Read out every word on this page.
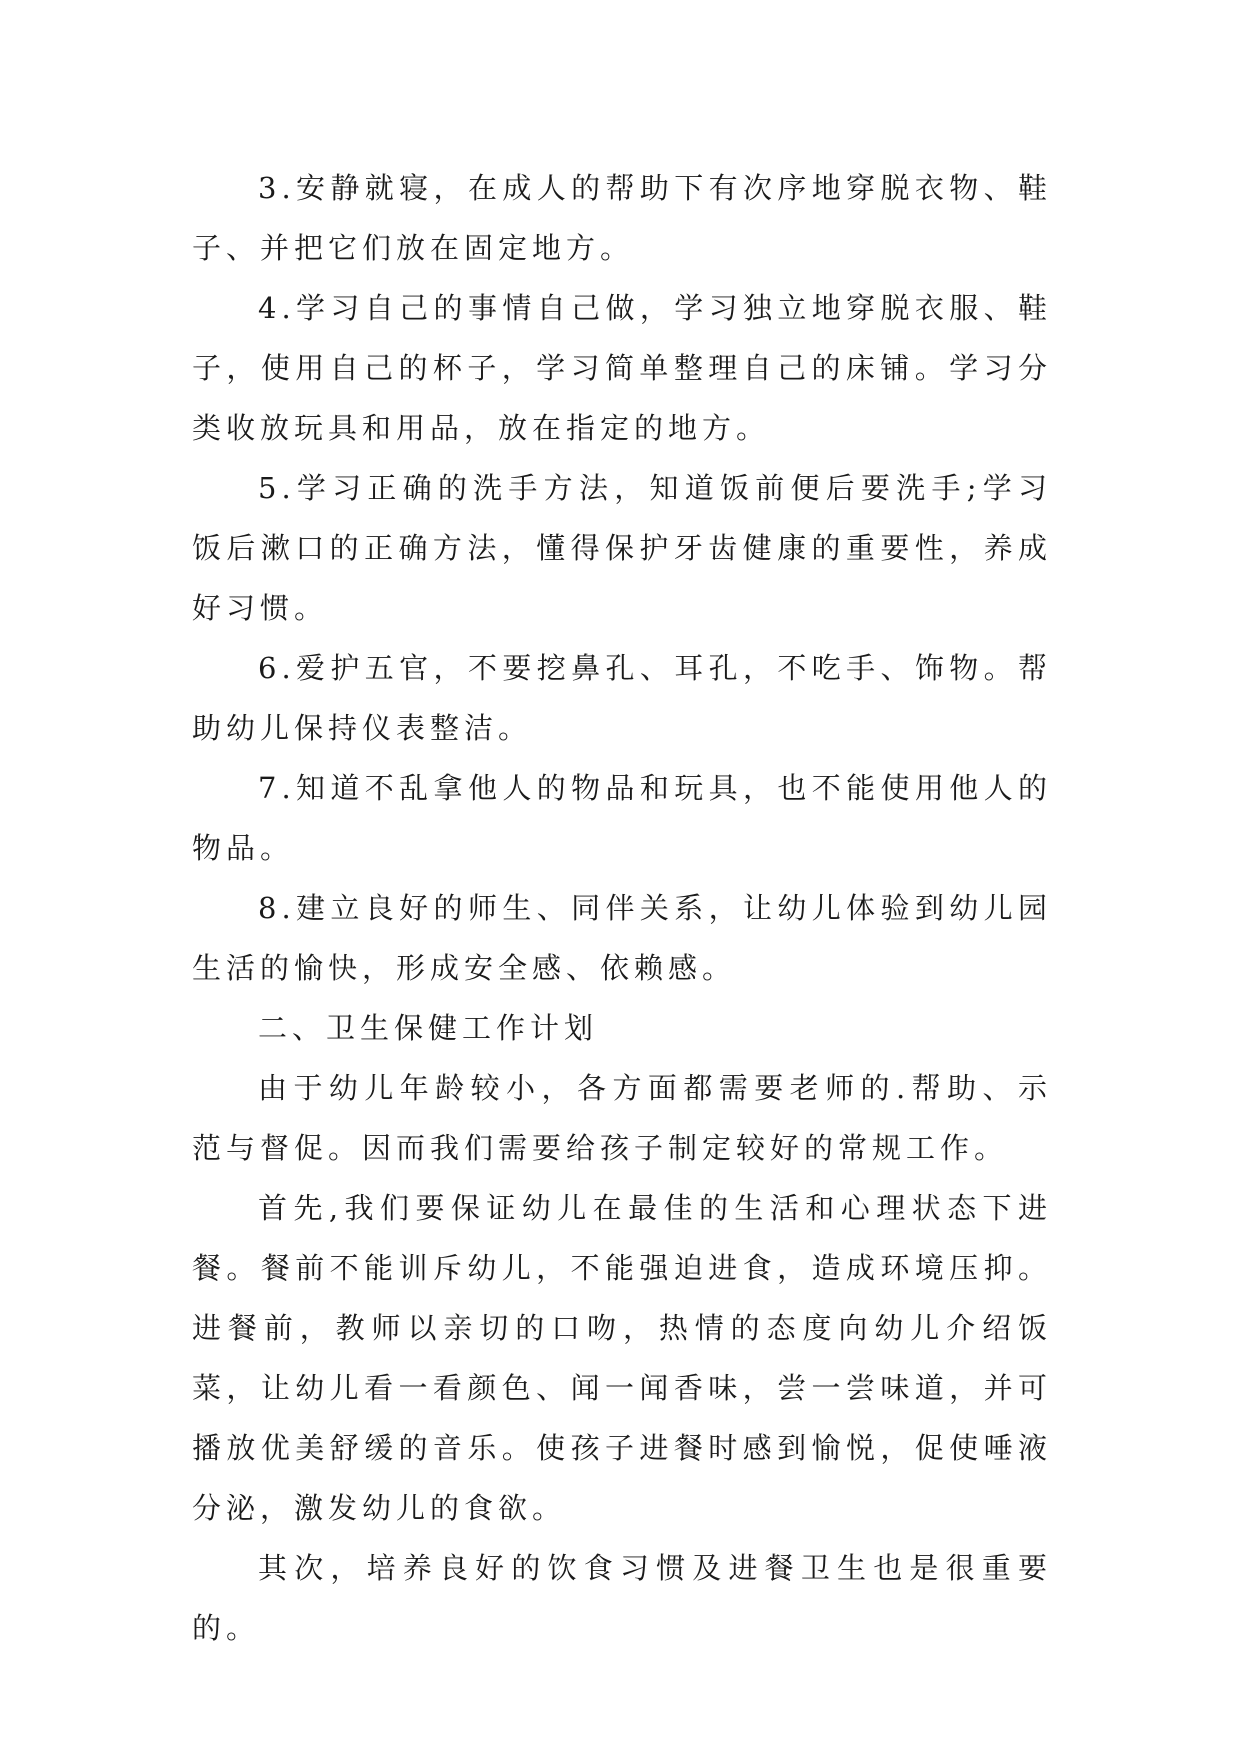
3.安静就寝，在成人的帮助下有次序地穿脱衣物、鞋子、并把它们放在固定地方。

4.学习自己的事情自己做，学习独立地穿脱衣服、鞋子，使用自己的杯子，学习简单整理自己的床铺。学习分类收放玩具和用品，放在指定的地方。

5.学习正确的洗手方法，知道饭前便后要洗手;学习饭后漱口的正确方法，懂得保护牙齿健康的重要性，养成好习惯。

6.爱护五官，不要挖鼻孔、耳孔，不吃手、饰物。帮助幼儿保持仪表整洁。

7.知道不乱拿他人的物品和玩具，也不能使用他人的物品。

8.建立良好的师生、同伴关系，让幼儿体验到幼儿园生活的愉快，形成安全感、依赖感。

二、卫生保健工作计划

由于幼儿年龄较小，各方面都需要老师的.帮助、示范与督促。因而我们需要给孩子制定较好的常规工作。

首先,我们要保证幼儿在最佳的生活和心理状态下进餐。餐前不能训斥幼儿，不能强迫进食，造成环境压抑。进餐前，教师以亲切的口吻，热情的态度向幼儿介绍饭菜，让幼儿看一看颜色、闻一闻香味，尝一尝味道，并可播放优美舒缓的音乐。使孩子进餐时感到愉悦，促使唾液分泌，激发幼儿的食欲。

其次，培养良好的饮食习惯及进餐卫生也是很重要的。
